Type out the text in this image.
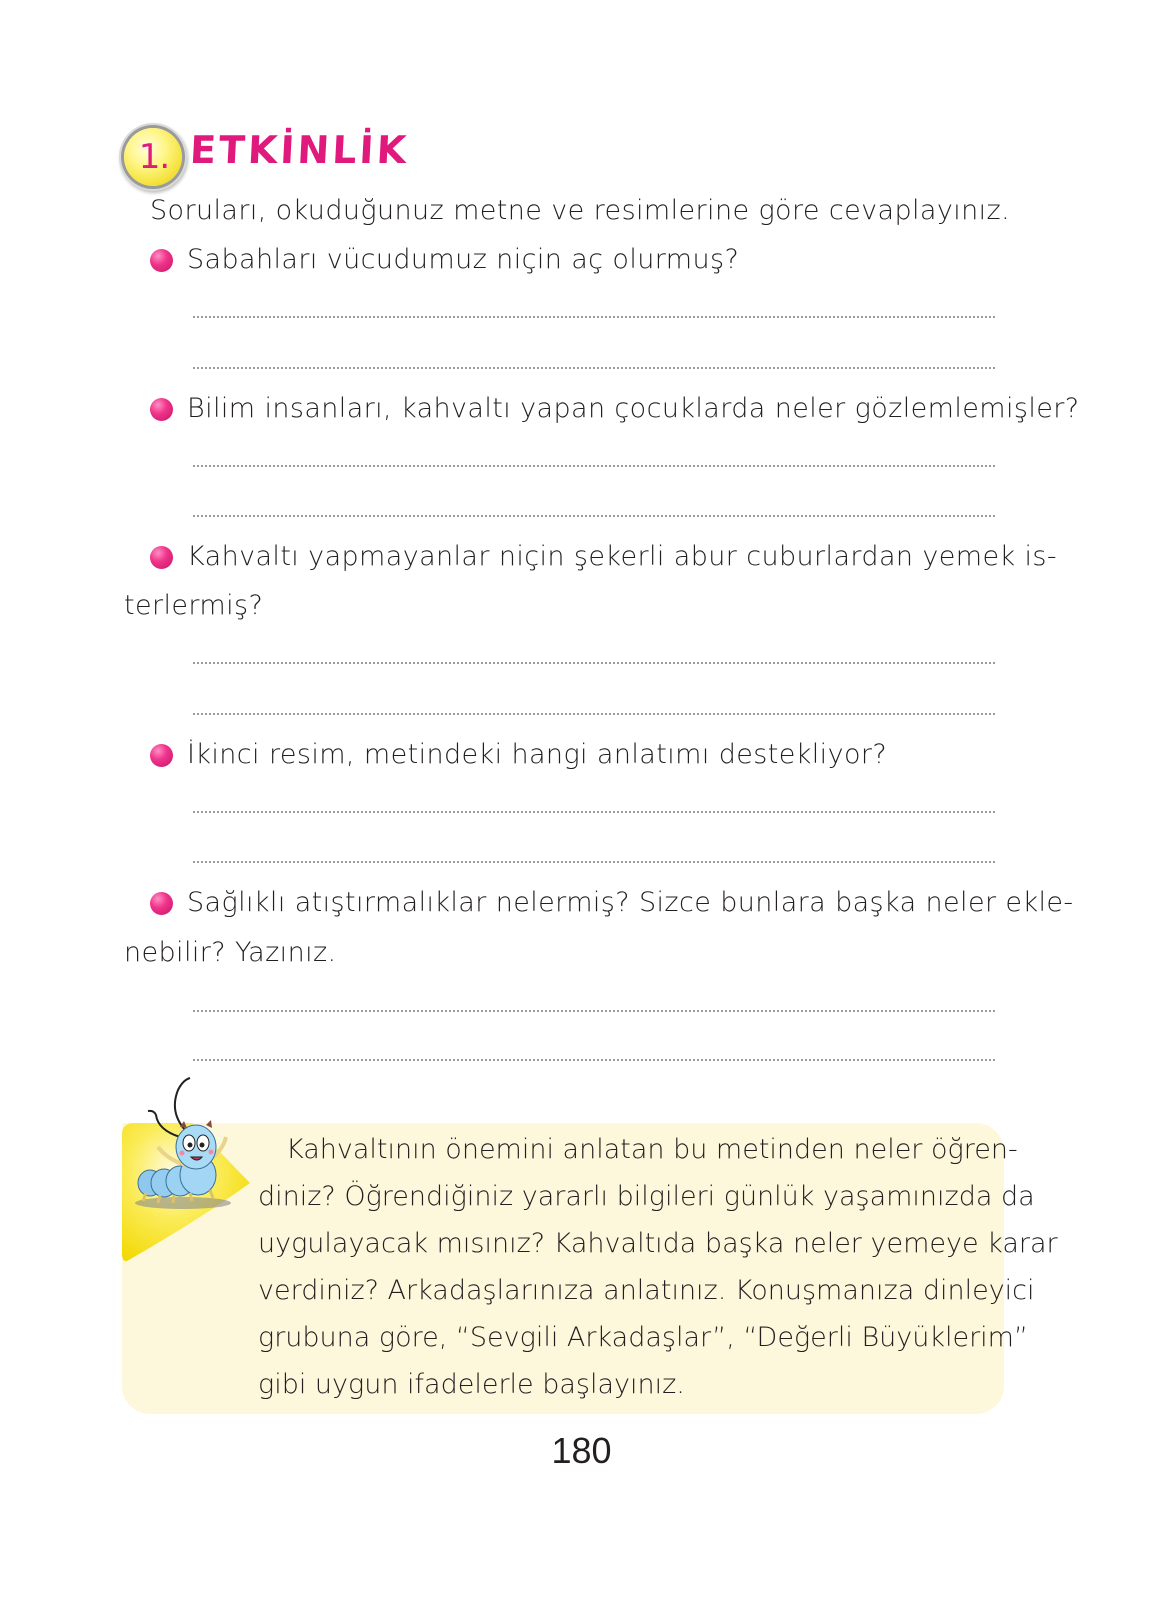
1. ETKİNLİK
Soruları, okuduğunuz metne ve resimlerine göre cevaplayınız.
Sabahları vücudumuz niçin aç olurmuş?
Bilim insanları, kahvaltı yapan çocuklarda neler gözlemlemişler?
Kahvaltı yapmayanlar niçin şekerli abur cuburlardan yemek is-
terlermiş?
İkinci resim, metindeki hangi anlatımı destekliyor?
Sağlıklı atıştırmalıklar nelermiş? Sizce bunlara başka neler ekle-
nebilir? Yazınız.
Kahvaltının önemini anlatan bu metinden neler öğren-
diniz? Öğrendiğiniz yararlı bilgileri günlük yaşamınızda da
uygulayacak mısınız? Kahvaltıda başka neler yemeye karar
verdiniz? Arkadaşlarınıza anlatınız. Konuşmanıza dinleyici
grubuna göre, “Sevgili Arkadaşlar”, “Değerli Büyüklerim”
gibi uygun ifadelerle başlayınız.
180
